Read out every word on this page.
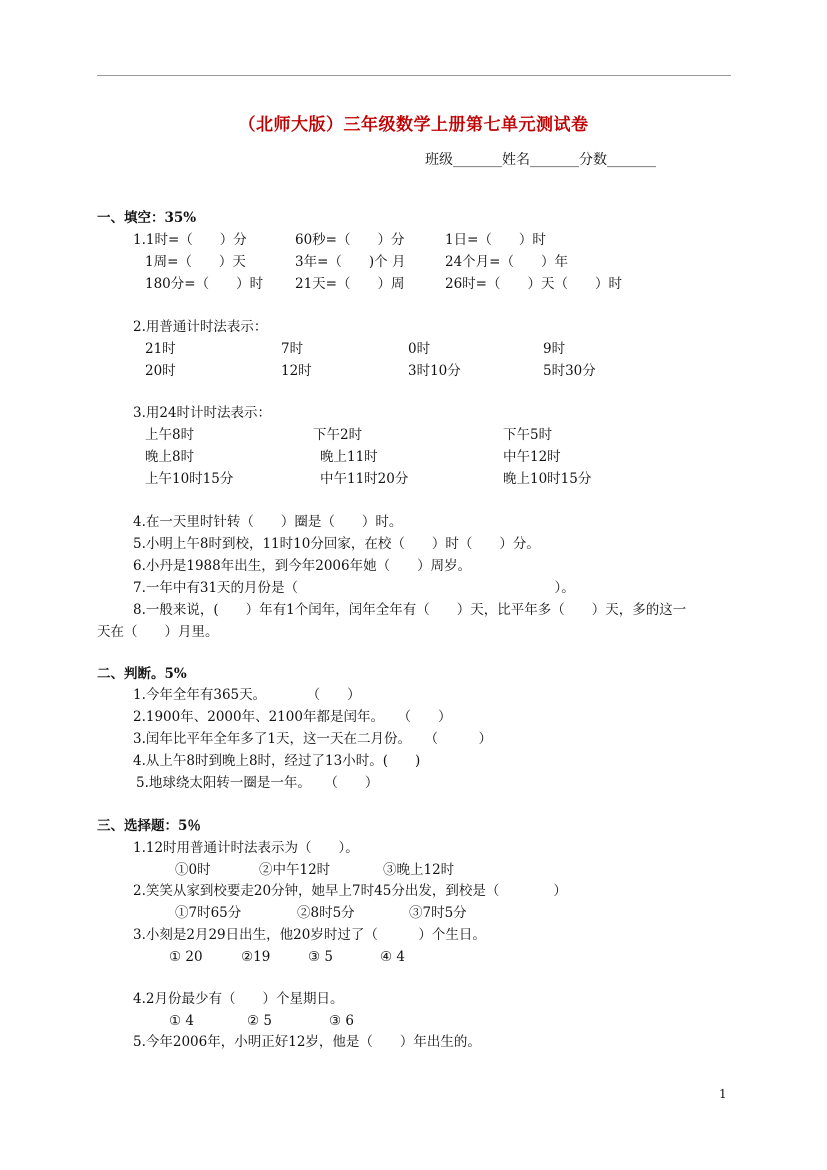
（北师大版）三年级数学上册第七单元测试卷
班级_______姓名_______分数_______
一、填空：35%
1.1时=（　　）分	60秒=（　　）分	1日=（　　）时
1周=（　　）天	3年=（　　)个 月	24个月=（　　）年
180分=（　　）时 21天=（　　）周	26时=（　　）天（　　）时
2.用普通计时法表示：
21时	7时	0时	9时
20时	12时	3时10分	5时30分
3.用24时计时法表示：
上午8时	下午2时	下午5时
晚上8时	晚上11时	中午12时
上午10时15分	中午11时20分	晚上10时15分
4.在一天里时针转（　　）圈是（　　）时。
5.小明上午8时到校，11时10分回家，在校（　　）时（　　）分。
6.小丹是1988年出生，到今年2006年她（　　）周岁。
7.一年中有31天的月份是（　　　　　　　　　　　　　　　　　　　）。
8.一般来说，(　　）年有1个闰年，闰年全年有（　　）天，比平年多（　　）天，多的这一
天在（　　）月里。
二、判断。5%
1.今年全年有365天。　　　　（　　）
2.1900年、2000年、2100年都是闰年。　　（　　）
3.闰年比平年全年多了1天，这一天在二月份。　　（　　　）
4.从上午8时到晚上8时，经过了13小时。(　　)
5.地球绕太阳转一圈是一年。　　（　　）
三、选择题：5％
1.12时用普通计时法表示为（　　）。
①0时	②中午12时	③晚上12时
2.笑笑从家到校要走20分钟，她早上7时45分出发，到校是（　　　　）
①7时65分	②8时5分	③7时5分
3.小刻是2月29日出生，他20岁时过了（　　　）个生日。
① 20	②19	③ 5	④ 4
4.2月份最少有（　　）个星期日。
① 4	② 5	③ 6
5.今年2006年，小明正好12岁，他是（　　）年出生的。
1
